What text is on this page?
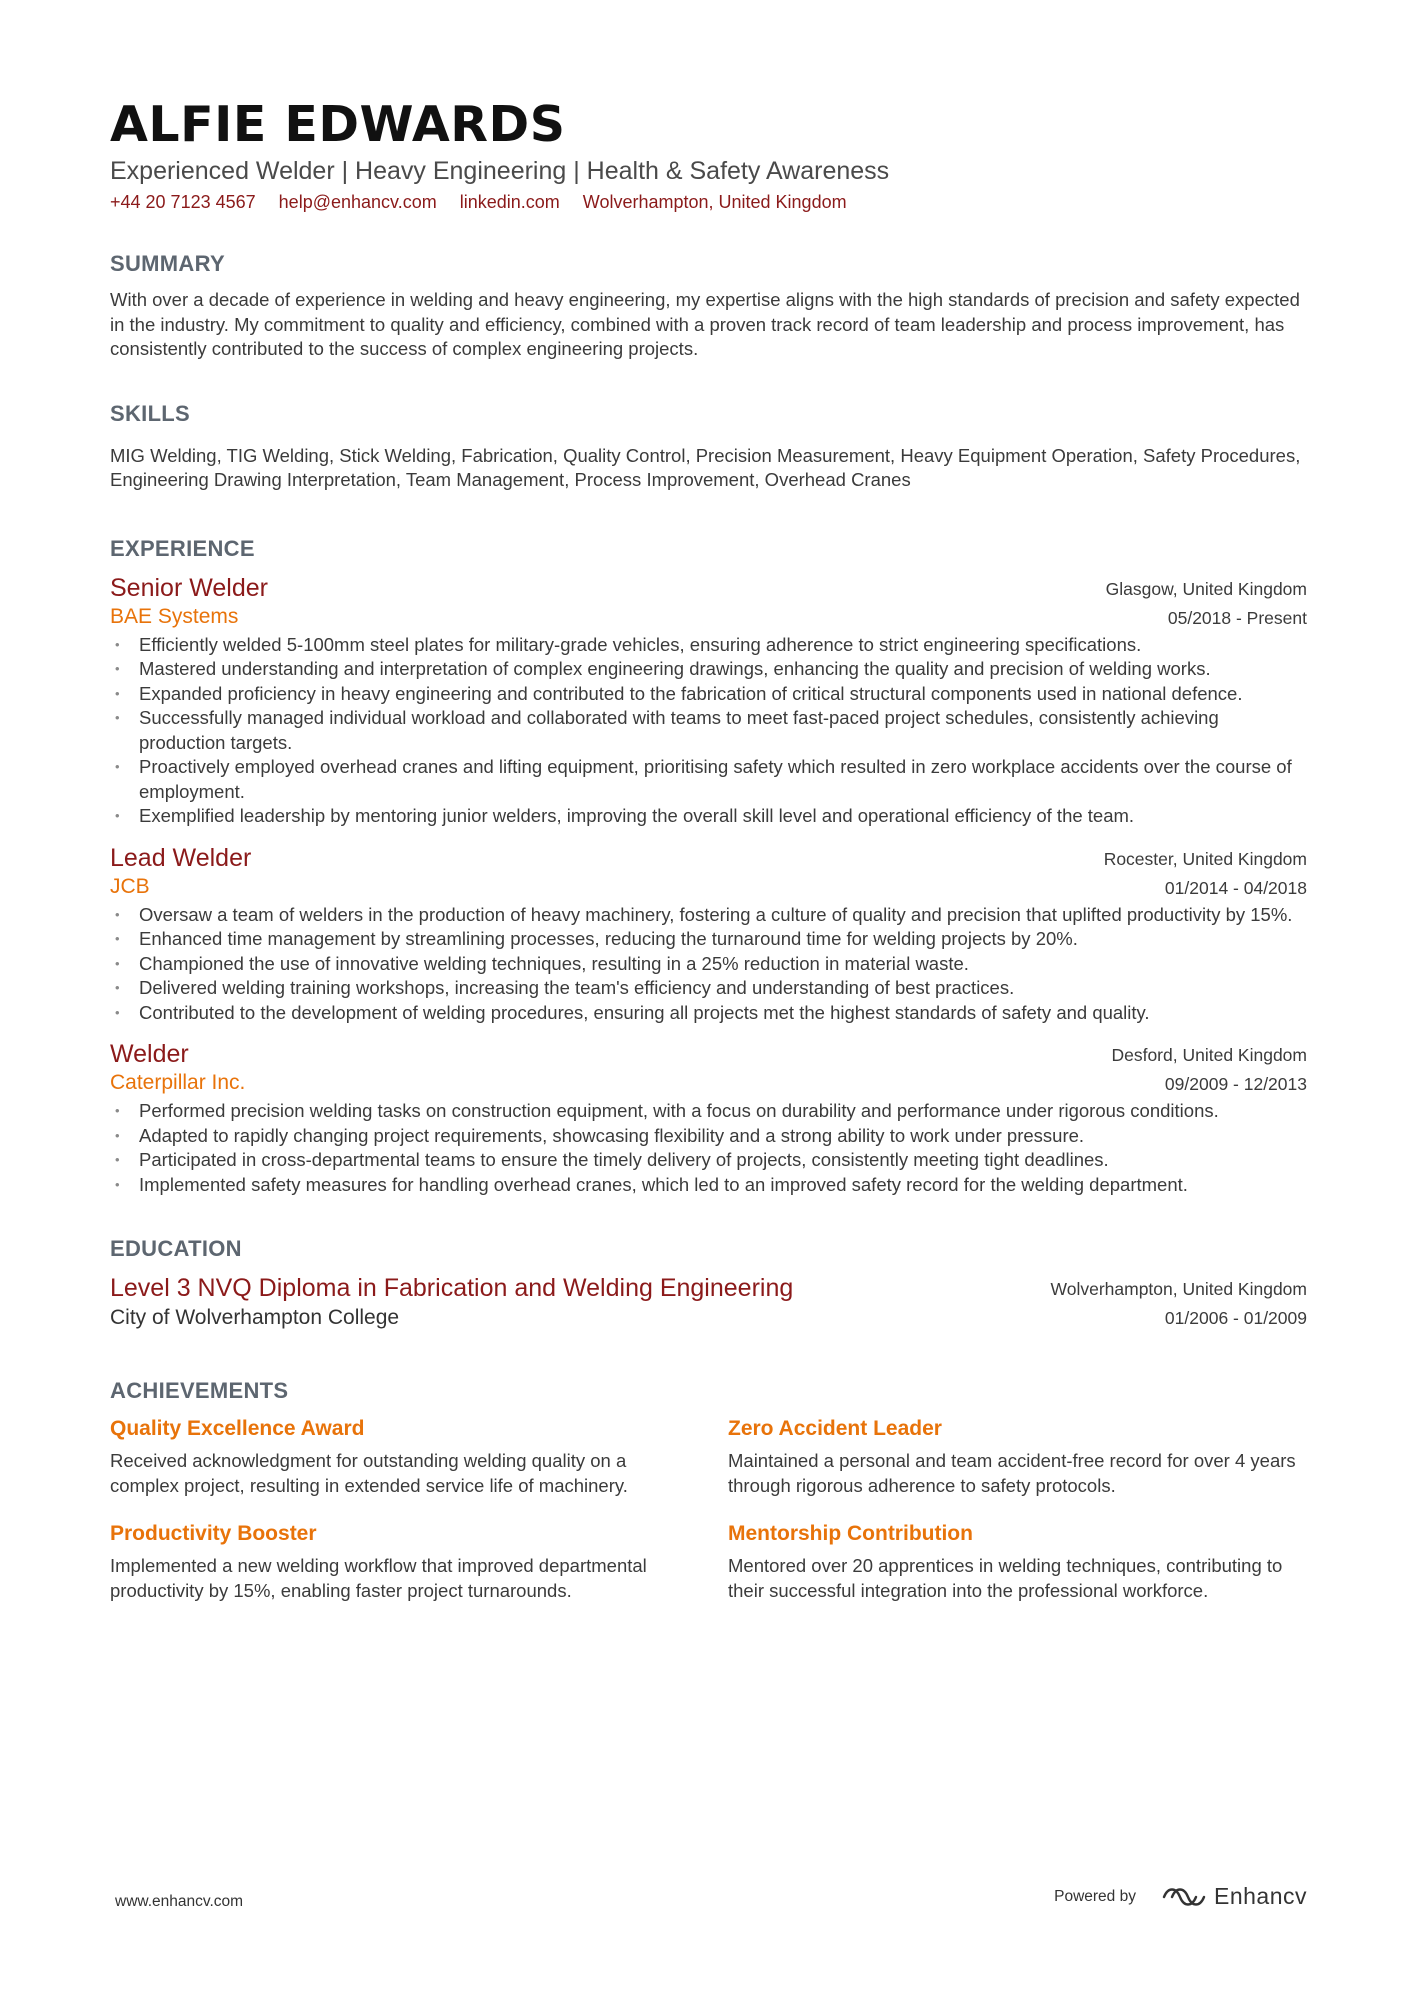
ALFIE EDWARDS
Experienced Welder | Heavy Engineering | Health & Safety Awareness
+44 20 7123 4567 help@enhancv.com linkedin.com Wolverhampton, United Kingdom
SUMMARY
With over a decade of experience in welding and heavy engineering, my expertise aligns with the high standards of precision and safety expected in the industry. My commitment to quality and efficiency, combined with a proven track record of team leadership and process improvement, has consistently contributed to the success of complex engineering projects.
SKILLS
MIG Welding, TIG Welding, Stick Welding, Fabrication, Quality Control, Precision Measurement, Heavy Equipment Operation, Safety Procedures, Engineering Drawing Interpretation, Team Management, Process Improvement, Overhead Cranes
EXPERIENCE
Senior Welder
BAE Systems
Glasgow, United Kingdom
05/2018 - Present
• Efficiently welded 5-100mm steel plates for military-grade vehicles, ensuring adherence to strict engineering specifications.
• Mastered understanding and interpretation of complex engineering drawings, enhancing the quality and precision of welding works.
• Expanded proficiency in heavy engineering and contributed to the fabrication of critical structural components used in national defence.
• Successfully managed individual workload and collaborated with teams to meet fast-paced project schedules, consistently achieving production targets.
• Proactively employed overhead cranes and lifting equipment, prioritising safety which resulted in zero workplace accidents over the course of employment.
• Exemplified leadership by mentoring junior welders, improving the overall skill level and operational efficiency of the team.
Lead Welder
JCB
Rocester, United Kingdom
01/2014 - 04/2018
• Oversaw a team of welders in the production of heavy machinery, fostering a culture of quality and precision that uplifted productivity by 15%.
• Enhanced time management by streamlining processes, reducing the turnaround time for welding projects by 20%.
• Championed the use of innovative welding techniques, resulting in a 25% reduction in material waste.
• Delivered welding training workshops, increasing the team's efficiency and understanding of best practices.
• Contributed to the development of welding procedures, ensuring all projects met the highest standards of safety and quality.
Welder
Caterpillar Inc.
Desford, United Kingdom
09/2009 - 12/2013
• Performed precision welding tasks on construction equipment, with a focus on durability and performance under rigorous conditions.
• Adapted to rapidly changing project requirements, showcasing flexibility and a strong ability to work under pressure.
• Participated in cross-departmental teams to ensure the timely delivery of projects, consistently meeting tight deadlines.
• Implemented safety measures for handling overhead cranes, which led to an improved safety record for the welding department.
EDUCATION
Level 3 NVQ Diploma in Fabrication and Welding Engineering
City of Wolverhampton College
Wolverhampton, United Kingdom
01/2006 - 01/2009
ACHIEVEMENTS
Quality Excellence Award
Received acknowledgment for outstanding welding quality on a complex project, resulting in extended service life of machinery.
Zero Accident Leader
Maintained a personal and team accident-free record for over 4 years through rigorous adherence to safety protocols.
Productivity Booster
Implemented a new welding workflow that improved departmental productivity by 15%, enabling faster project turnarounds.
Mentorship Contribution
Mentored over 20 apprentices in welding techniques, contributing to their successful integration into the professional workforce.
www.enhancv.com	Powered by	Enhancv
